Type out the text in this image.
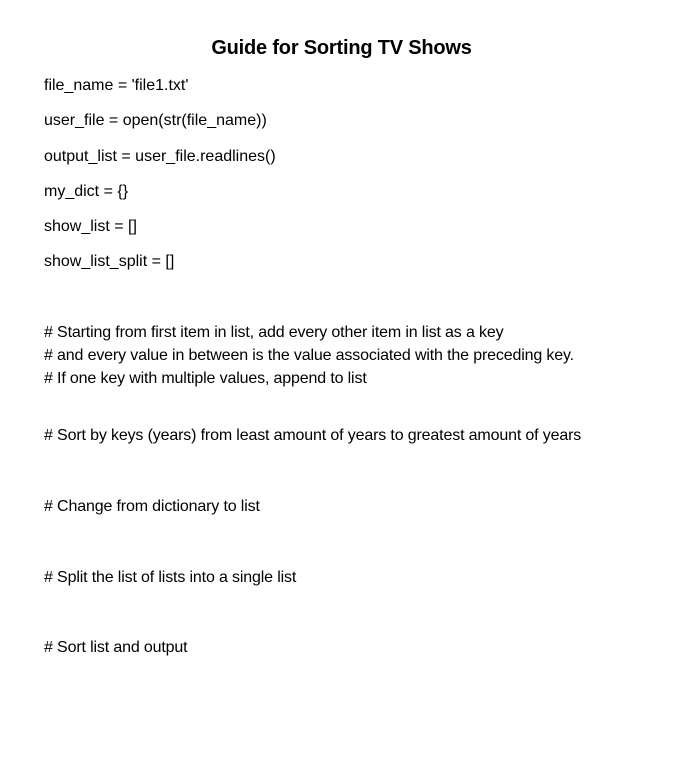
Guide for Sorting TV Shows
file_name = 'file1.txt'
user_file = open(str(file_name))
output_list = user_file.readlines()
my_dict = {}
show_list = []
show_list_split = []
# Starting from first item in list, add every other item in list as a key
# and every value in between is the value associated with the preceding key.
# If one key with multiple values, append to list
# Sort by keys (years) from least amount of years to greatest amount of years
# Change from dictionary to list
# Split the list of lists into a single list
# Sort list and output
